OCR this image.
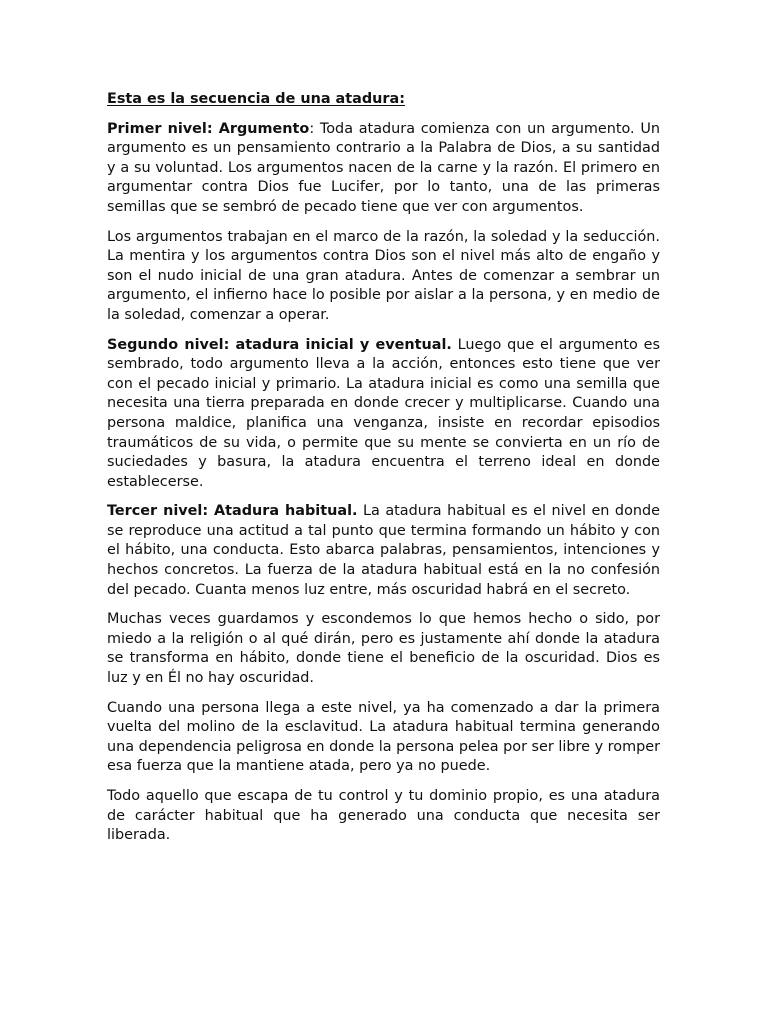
Esta es la secuencia de una atadura:

Primer nivel: Argumento: Toda atadura comienza con un argumento. Un argumento es un pensamiento contrario a la Palabra de Dios, a su santidad y a su voluntad. Los argumentos nacen de la carne y la razón. El primero en argumentar contra Dios fue Lucifer, por lo tanto, una de las primeras semillas que se sembró de pecado tiene que ver con argumentos.

Los argumentos trabajan en el marco de la razón, la soledad y la seducción. La mentira y los argumentos contra Dios son el nivel más alto de engaño y son el nudo inicial de una gran atadura. Antes de comenzar a sembrar un argumento, el infierno hace lo posible por aislar a la persona, y en medio de la soledad, comenzar a operar.

Segundo nivel: atadura inicial y eventual. Luego que el argumento es sembrado, todo argumento lleva a la acción, entonces esto tiene que ver con el pecado inicial y primario. La atadura inicial es como una semilla que necesita una tierra preparada en donde crecer y multiplicarse. Cuando una persona maldice, planifica una venganza, insiste en recordar episodios traumáticos de su vida, o permite que su mente se convierta en un río de suciedades y basura, la atadura encuentra el terreno ideal en donde establecerse.

Tercer nivel: Atadura habitual. La atadura habitual es el nivel en donde se reproduce una actitud a tal punto que termina formando un hábito y con el hábito, una conducta. Esto abarca palabras, pensamientos, intenciones y hechos concretos. La fuerza de la atadura habitual está en la no confesión del pecado. Cuanta menos luz entre, más oscuridad habrá en el secreto.

Muchas veces guardamos y escondemos lo que hemos hecho o sido, por miedo a la religión o al qué dirán, pero es justamente ahí donde la atadura se transforma en hábito, donde tiene el beneficio de la oscuridad. Dios es luz y en Él no hay oscuridad.

Cuando una persona llega a este nivel, ya ha comenzado a dar la primera vuelta del molino de la esclavitud. La atadura habitual termina generando una dependencia peligrosa en donde la persona pelea por ser libre y romper esa fuerza que la mantiene atada, pero ya no puede.

Todo aquello que escapa de tu control y tu dominio propio, es una atadura de carácter habitual que ha generado una conducta que necesita ser liberada.
